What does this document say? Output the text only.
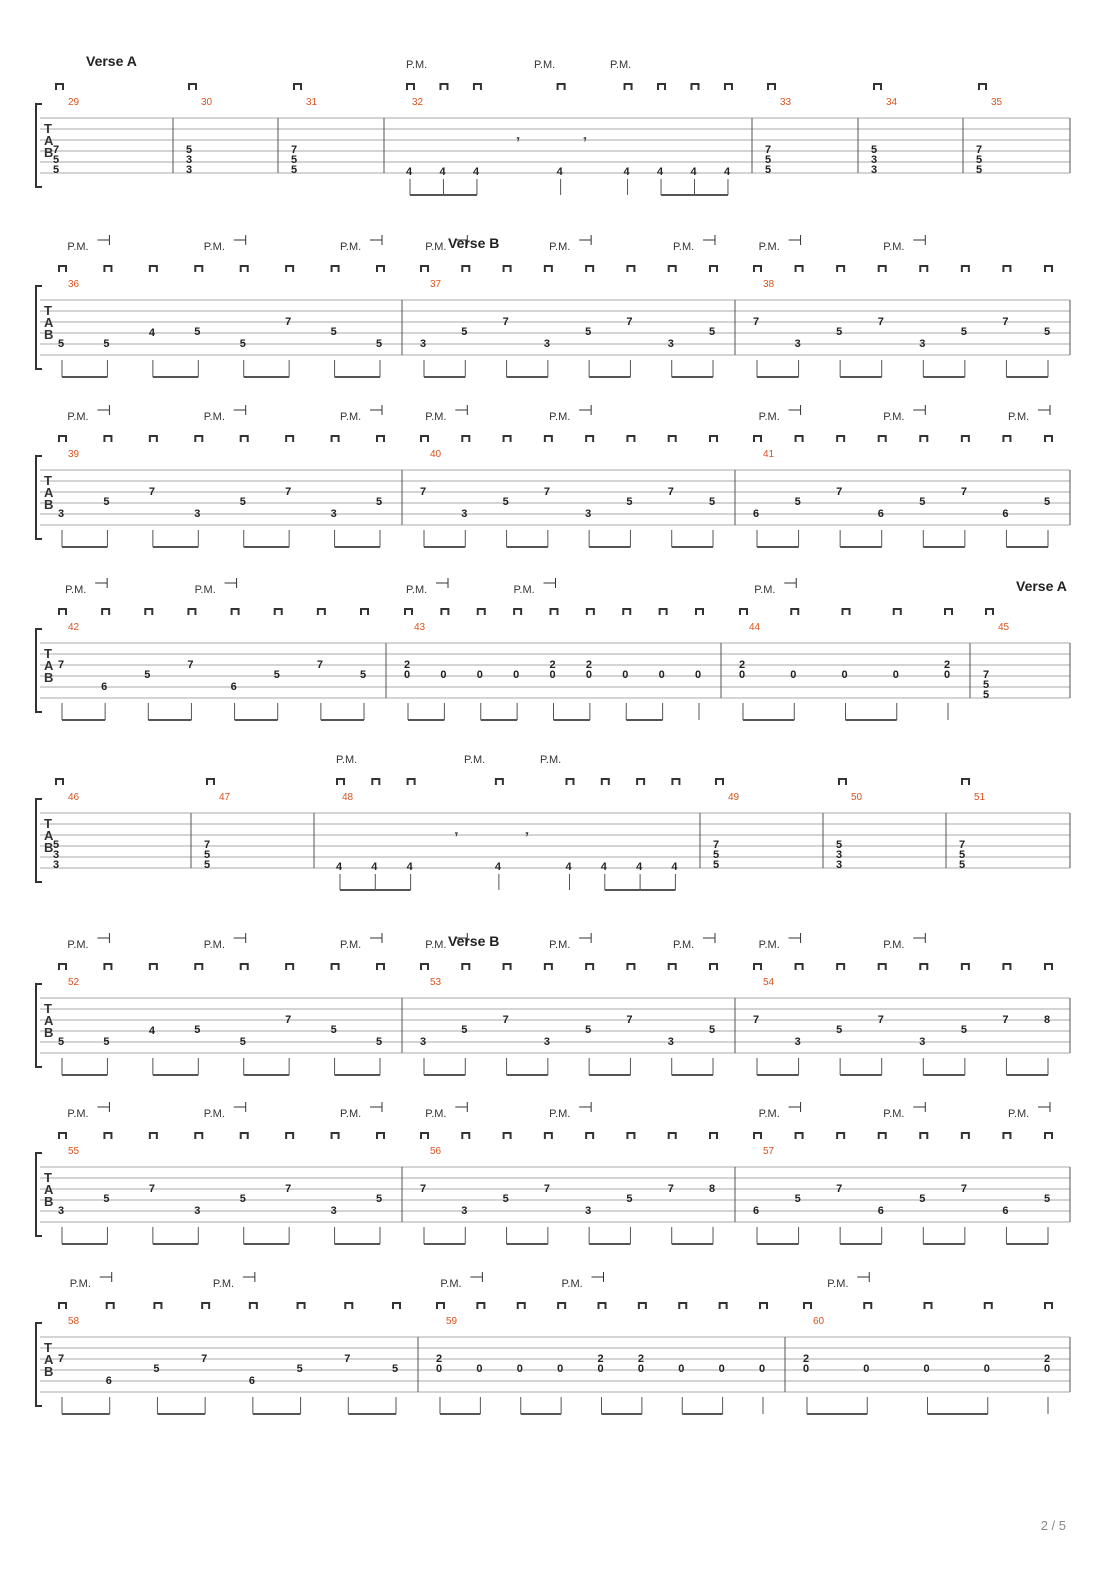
T
A
B
29
Verse A
7
5
5
30
5
3
3
31
7
5
5
32
4 4 4	4	4 4 4 4
𝄾	𝄾
P.M.	P.M.	P.M.
33
7
5
5
34
5
3
3
35
7
5
5
T
A
B
36
5	5
4	5
5
7
5
5
P.M.	P.M.	P.M.
37
Verse B
3
5
7
3
5
7
3
5
P.M.	P.M.	P.M.
38
7
3
5
7
3
5
7
5
P.M.	P.M.
T
A
B
39
3
5
7
3
5
7
3
5
P.M.	P.M.	P.M.
40
7
3
5
7
3
5
7
5
P.M.	P.M.
41
6
5
7
6
5
7
6
5
P.M.	P.M.	P.M.
T
A
B
42
7
6
5
7
6
5
7
5
P.M.	P.M.
43
2
0	0	0	0
2
0
2
0	0	0	0
P.M.	P.M.
44
2
0	0	0	0
2
0
P.M.
45
Verse A
7
5
5
T
A
B
46
5
3
3
47
7
5
5
48
4	4	4	4	4	4	4	4
𝄾	𝄾
P.M.	P.M.	P.M.
49
7
5
5
50
5
3
3
51
7
5
5
T
A
B
52
5	5
4	5
5
7
5
5
P.M.	P.M.	P.M.
53
Verse B
3
5
7
3
5
7
3
5
P.M.	P.M.	P.M.
54
7
3
5
7
3
5
7	8
P.M.	P.M.
T
A
B
55
3
5
7
3
5
7
3
5
P.M.	P.M.	P.M.
56
7
3
5
7
3
5
7	8
P.M.	P.M.
57
6
5
7
6
5
7
6
5
P.M.	P.M.	P.M.
T
A
B
58
7
6
5
7
6
5
7
5
P.M.	P.M.
59
2
0	0	0	0
2
0
2
0	0	0	0
P.M.	P.M.
60
2
0	0	0	0
2
0
P.M.
2 / 5
